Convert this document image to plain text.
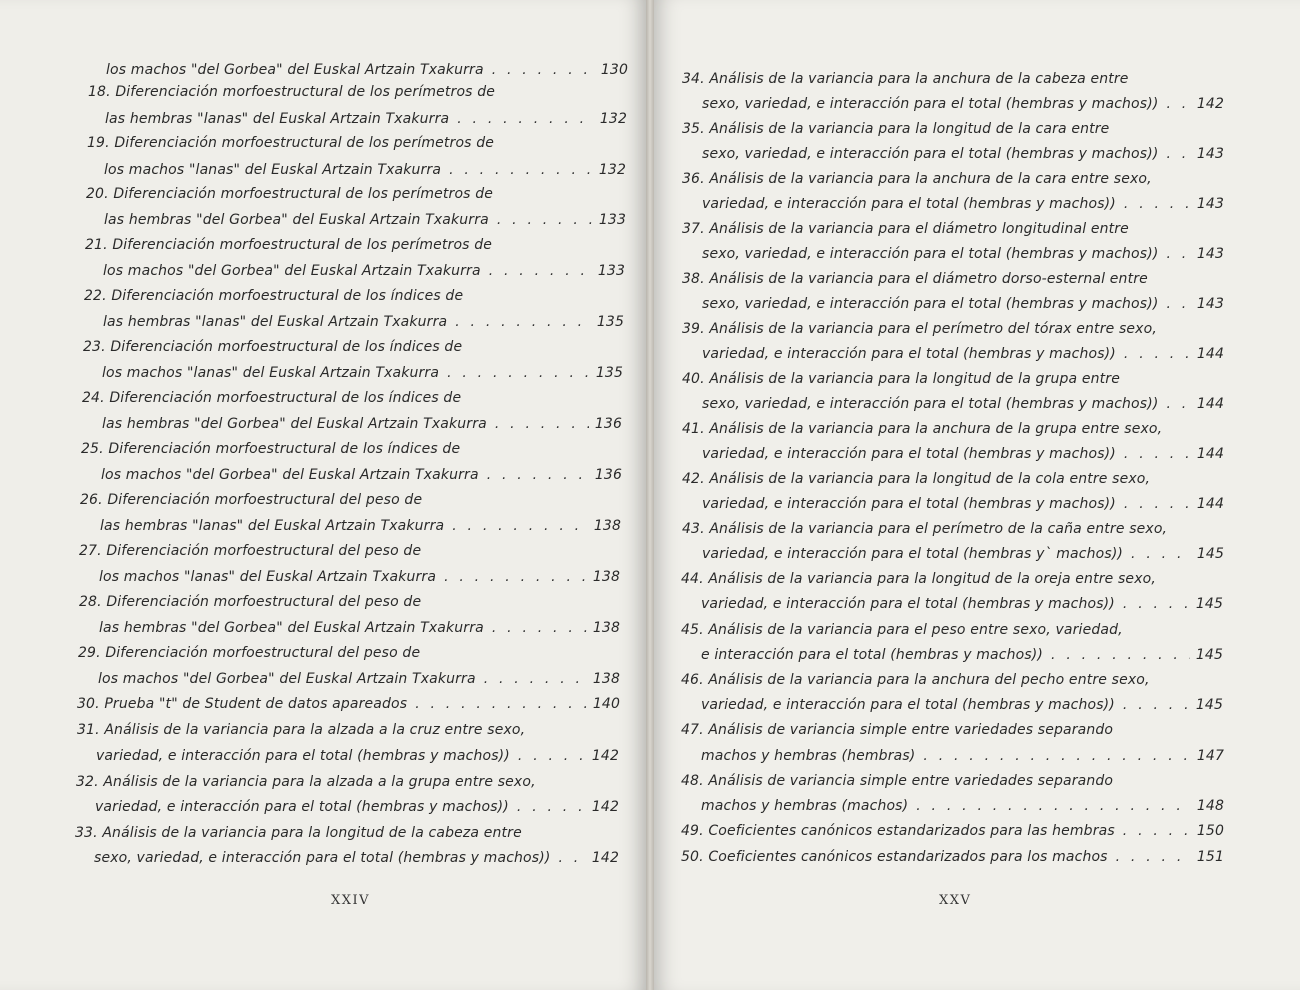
los machos "del Gorbea" del Euskal Artzain Txakurra . . .	130
18. Diferenciación morfoestructural de los perímetros de
las hembras "lanas" del Euskal Artzain Txakurra . . .	132
19. Diferenciación morfoestructural de los perímetros de
los machos "lanas" del Euskal Artzain Txakurra . . .	132
20. Diferenciación morfoestructural de los perímetros de
las hembras "del Gorbea" del Euskal Artzain Txakurra . . .	133
21. Diferenciación morfoestructural de los perímetros de
los machos "del Gorbea" del Euskal Artzain Txakurra . . .	133
22. Diferenciación morfoestructural de los índices de
las hembras "lanas" del Euskal Artzain Txakurra . . .	135
23. Diferenciación morfoestructural de los índices de
los machos "lanas" del Euskal Artzain Txakurra . . .	135
24. Diferenciación morfoestructural de los índices de
las hembras "del Gorbea" del Euskal Artzain Txakurra . . .	136
25. Diferenciación morfoestructural de los índices de
los machos "del Gorbea" del Euskal Artzain Txakurra . . .	136
26. Diferenciación morfoestructural del peso de
las hembras "lanas" del Euskal Artzain Txakurra . . .	138
27. Diferenciación morfoestructural del peso de
los machos "lanas" del Euskal Artzain Txakurra . . .	138
28. Diferenciación morfoestructural del peso de
las hembras "del Gorbea" del Euskal Artzain Txakurra . . .	138
29. Diferenciación morfoestructural del peso de
los machos "del Gorbea" del Euskal Artzain Txakurra . . .	138
30. Prueba "t" de Student de datos apareados . . .	140
31. Análisis de la variancia para la alzada a la cruz entre sexo,
variedad, e interacción para el total (hembras y machos)) . . .	142
32. Análisis de la variancia para la alzada a la grupa entre sexo,
variedad, e interacción para el total (hembras y machos)) . . .	142
33. Análisis de la variancia para la longitud de la cabeza entre
sexo, variedad, e interacción para el total (hembras y machos)) . . .	142
XXIV
34. Análisis de la variancia para la anchura de la cabeza entre
sexo, variedad, e interacción para el total (hembras y machos)) . . .	142
35. Análisis de la variancia para la longitud de la cara entre
sexo, variedad, e interacción para el total (hembras y machos)) . . .	143
36. Análisis de la variancia para la anchura de la cara entre sexo,
variedad, e interacción para el total (hembras y machos)) . . .	143
37. Análisis de la variancia para el diámetro longitudinal entre
sexo, variedad, e interacción para el total (hembras y machos)) . . .	143
38. Análisis de la variancia para el diámetro dorso-esternal entre
sexo, variedad, e interacción para el total (hembras y machos)) . . .	143
39. Análisis de la variancia para el perímetro del tórax entre sexo,
variedad, e interacción para el total (hembras y machos)) . . .	144
40. Análisis de la variancia para la longitud de la grupa entre
sexo, variedad, e interacción para el total (hembras y machos)) . . .	144
41. Análisis de la variancia para la anchura de la grupa entre sexo,
variedad, e interacción para el total (hembras y machos)) . . .	144
42. Análisis de la variancia para la longitud de la cola entre sexo,
variedad, e interacción para el total (hembras y machos)) . . .	144
43. Análisis de la variancia para el perímetro de la caña entre sexo,
variedad, e interacción para el total (hembras y` machos)) . . .	145
44. Análisis de la variancia para la longitud de la oreja entre sexo,
variedad, e interacción para el total (hembras y machos)) . . .	145
45. Análisis de la variancia para el peso entre sexo, variedad,
e interacción para el total (hembras y machos)) . . .	145
46. Análisis de la variancia para la anchura del pecho entre sexo,
variedad, e interacción para el total (hembras y machos)) . . .	145
47. Análisis de variancia simple entre variedades separando
machos y hembras (hembras) . . .	147
48. Análisis de variancia simple entre variedades separando
machos y hembras (machos) . . .	148
49. Coeficientes canónicos estandarizados para las hembras . . .	150
50. Coeficientes canónicos estandarizados para los machos . . .	151
XXV
